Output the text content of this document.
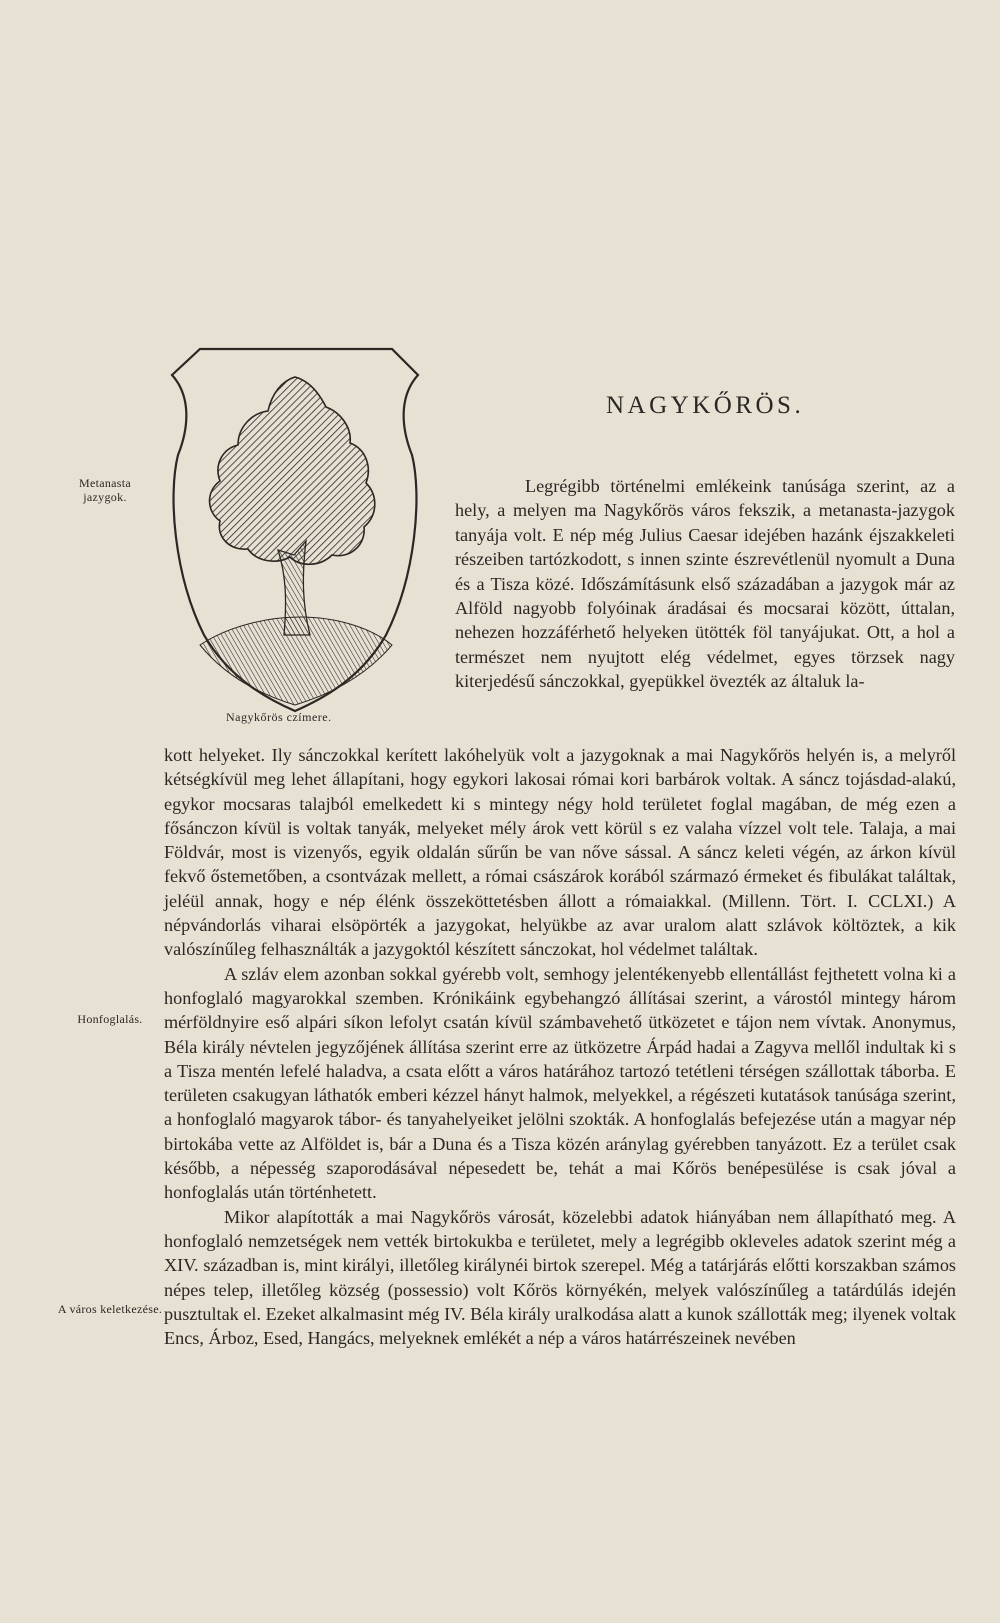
Nagykőrös czímere.
NAGYKŐRÖS.
Metanasta jazygok.
Honfoglalás.
A város keletkezése.

Legrégibb történelmi emlékeink tanúsága szerint, az a hely, a melyen ma Nagykőrös város fekszik, a metanasta-jazygok tanyája volt. E nép még Julius Caesar idejében hazánk éjszakkeleti részeiben tartózkodott, s innen szinte észrevétlenül nyomult a Duna és a Tisza közé. Időszámításunk első századában a jazygok már az Alföld nagyobb folyóinak áradásai és mocsarai között, úttalan, nehezen hozzáférhető helyeken ütötték föl tanyájukat. Ott, a hol a természet nem nyujtott elég védelmet, egyes törzsek nagy kiterjedésű sánczokkal, gyepükkel övezték az általuk la-

kott helyeket. Ily sánczokkal kerített lakóhelyük volt a jazygoknak a mai Nagykőrös helyén is, a melyről kétségkívül meg lehet állapítani, hogy egykori lakosai római kori barbárok voltak. A sáncz tojásdad-alakú, egykor mocsaras talajból emelkedett ki s mintegy négy hold területet foglal magában, de még ezen a fősánczon kívül is voltak tanyák, melyeket mély árok vett körül s ez valaha vízzel volt tele. Talaja, a mai Földvár, most is vizenyős, egyik oldalán sűrűn be van nőve sással. A sáncz keleti végén, az árkon kívül fekvő őstemetőben, a csontvázak mellett, a római császárok korából származó érmeket és fibulákat találtak, jeléül annak, hogy e nép élénk összeköttetésben állott a rómaiakkal. (Millenn. Tört. I. CCLXI.) A népvándorlás viharai elsöpörték a jazygokat, helyükbe az avar uralom alatt szlávok költöztek, a kik valószínűleg felhasználták a jazygoktól készített sánczokat, hol védelmet találtak.

A szláv elem azonban sokkal gyérebb volt, semhogy jelentékenyebb ellentállást fejthetett volna ki a honfoglaló magyarokkal szemben. Krónikáink egybehangzó állításai szerint, a várostól mintegy három mérföldnyire eső alpári síkon lefolyt csatán kívül számbavehető ütközetet e tájon nem vívtak. Anonymus, Béla király névtelen jegyzőjének állítása szerint erre az ütközetre Árpád hadai a Zagyva mellől indultak ki s a Tisza mentén lefelé haladva, a csata előtt a város határához tartozó tetétleni térségen szállottak táborba. E területen csakugyan láthatók emberi kézzel hányt halmok, melyekkel, a régészeti kutatások tanúsága szerint, a honfoglaló magyarok tábor- és tanyahelyeiket jelölni szokták. A honfoglalás befejezése után a magyar nép birtokába vette az Alföldet is, bár a Duna és a Tisza közén aránylag gyérebben tanyázott. Ez a terület csak később, a népesség szaporodásával népesedett be, tehát a mai Kőrös benépesülése is csak jóval a honfoglalás után történhetett.

Mikor alapították a mai Nagykőrös városát, közelebbi adatok hiányában nem állapítható meg. A honfoglaló nemzetségek nem vették birtokukba e területet, mely a legrégibb okleveles adatok szerint még a XIV. században is, mint királyi, illetőleg királynéi birtok szerepel. Még a tatárjárás előtti korszakban számos népes telep, illetőleg község (possessio) volt Kőrös környékén, melyek valószínűleg a tatárdúlás idején pusztultak el. Ezeket alkalmasint még IV. Béla király uralkodása alatt a kunok szállották meg; ilyenek voltak Encs, Árboz, Esed, Hangács, melyeknek emlékét a nép a város határrészeinek nevében
